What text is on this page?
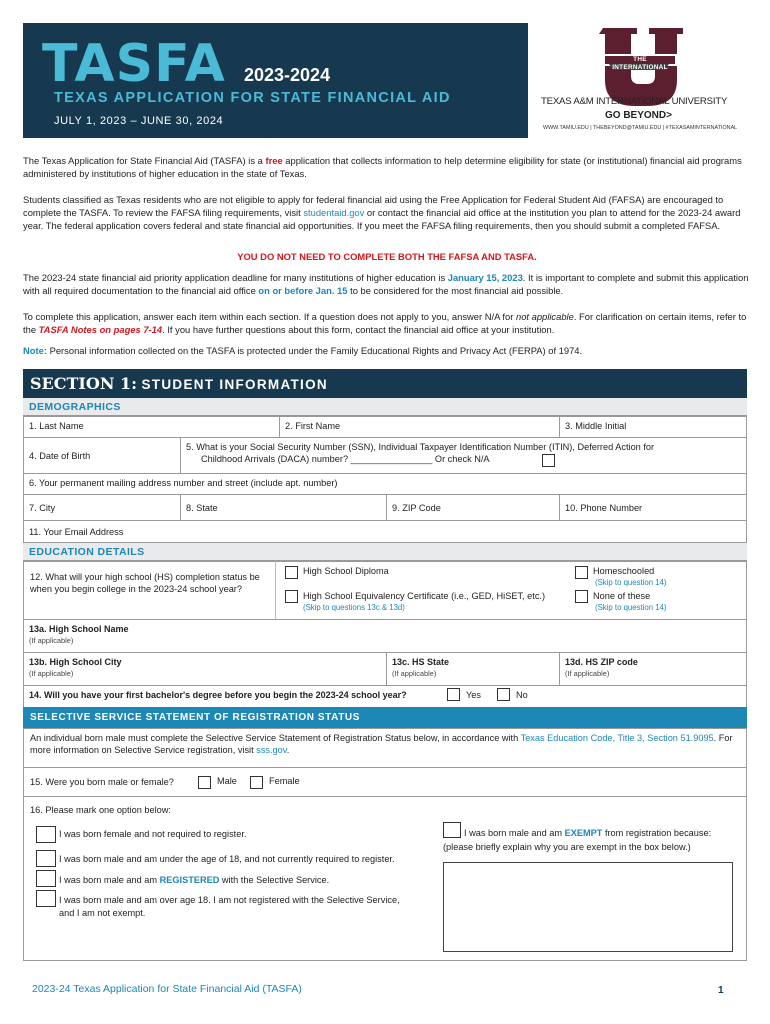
TASFA 2023-2024
TEXAS APPLICATION FOR STATE FINANCIAL AID
JULY 1, 2023 – JUNE 30, 2024
THE INTERNATIONAL
TEXAS A&M INTERNATIONAL UNIVERSITY
GO BEYOND>
WWW.TAMIU.EDU | THEBEYOND@TAMIU.EDU | #TEXASAMINTERNATIONAL
The Texas Application for State Financial Aid (TASFA) is a free application that collects information to help determine eligibility for state (or institutional) financial aid programs administered by institutions of higher education in the state of Texas.
Students classified as Texas residents who are not eligible to apply for federal financial aid using the Free Application for Federal Student Aid (FAFSA) are encouraged to complete the TASFA. To review the FAFSA filing requirements, visit studentaid.gov or contact the financial aid office at the institution you plan to attend for the 2023-24 award year. The federal application covers federal and state financial aid opportunities. If you meet the FAFSA filing requirements, then you should submit a completed FAFSA.
YOU DO NOT NEED TO COMPLETE BOTH THE FAFSA AND TASFA.
The 2023-24 state financial aid priority application deadline for many institutions of higher education is January 15, 2023. It is important to complete and submit this application with all required documentation to the financial aid office on or before Jan. 15 to be considered for the most financial aid possible.
To complete this application, answer each item within each section. If a question does not apply to you, answer N/A for not applicable. For clarification on certain items, refer to the TASFA Notes on pages 7-14. If you have further questions about this form, contact the financial aid office at your institution.
Note: Personal information collected on the TASFA is protected under the Family Educational Rights and Privacy Act (FERPA) of 1974.
SECTION 1: STUDENT INFORMATION
DEMOGRAPHICS
1. Last Name	2. First Name	3. Middle Initial
4. Date of Birth
5. What is your Social Security Number (SSN), Individual Taxpayer Identification Number (ITIN), Deferred Action for
Childhood Arrivals (DACA) number? ________________ Or check N/A
6. Your permanent mailing address number and street (include apt. number)
7. City	8. State	9. ZIP Code	10. Phone Number
11. Your Email Address
EDUCATION DETAILS
12. What will your high school (HS) completion status be when you begin college in the 2023-24 school year?
High School Diploma
High School Equivalency Certificate (i.e., GED, HiSET, etc.)
(Skip to questions 13c & 13d)
Homeschooled
(Skip to question 14)
None of these
(Skip to question 14)
13a. High School Name
(If applicable)
13b. High School City
(If applicable)
13c. HS State
(If applicable)
13d. HS ZIP code
(If applicable)
14. Will you have your first bachelor's degree before you begin the 2023-24 school year?	Yes	No
SELECTIVE SERVICE STATEMENT OF REGISTRATION STATUS
An individual born male must complete the Selective Service Statement of Registration Status below, in accordance with Texas Education Code, Title 3, Section 51.9095. For more information on Selective Service registration, visit sss.gov.
15. Were you born male or female?	Male	Female
16. Please mark one option below:
I was born female and not required to register.
I was born male and am under the age of 18, and not currently required to register.
I was born male and am REGISTERED with the Selective Service.
I was born male and am over age 18. I am not registered with the Selective Service,
and I am not exempt.
I was born male and am EXEMPT from registration because:
(please briefly explain why you are exempt in the box below.)
2023-24 Texas Application for State Financial Aid (TASFA)	1
